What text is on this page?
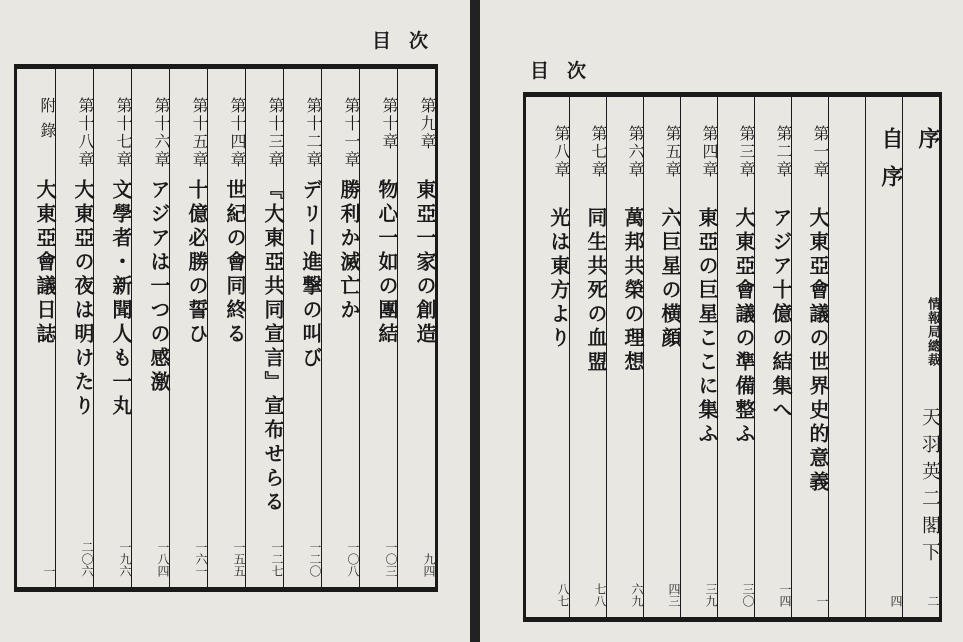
目次
第九章
東亞一家の創造
九四
第十章
物心一如の團結
一〇三
第十一章
勝利か滅亡か
一〇八
第十二章
デリー進撃の叫び
一二〇
第十三章
『大東亞共同宣言』宣布せらる
一二七
第十四章
世紀の會同終る
一五五
第十五章
十億必勝の誓ひ
一六一
第十六章
アジアは一つの感激
一八四
第十七章
文學者・新聞人も一丸
一九六
第十八章
大東亞の夜は明けたり
二〇六
附 錄
大東亞會議日誌
一
目次
序
情報局總裁
天羽英二閣下
二
自序
四
第一章
大東亞會議の世界史的意義
一
第二章
アジア十億の結集へ
一四
第三章
大東亞會議の準備整ふ
三〇
第四章
東亞の巨星ここに集ふ
三九
第五章
六巨星の横顔
四三
第六章
萬邦共榮の理想
六九
第七章
同生共死の血盟
七八
第八章
光は東方より
八七
